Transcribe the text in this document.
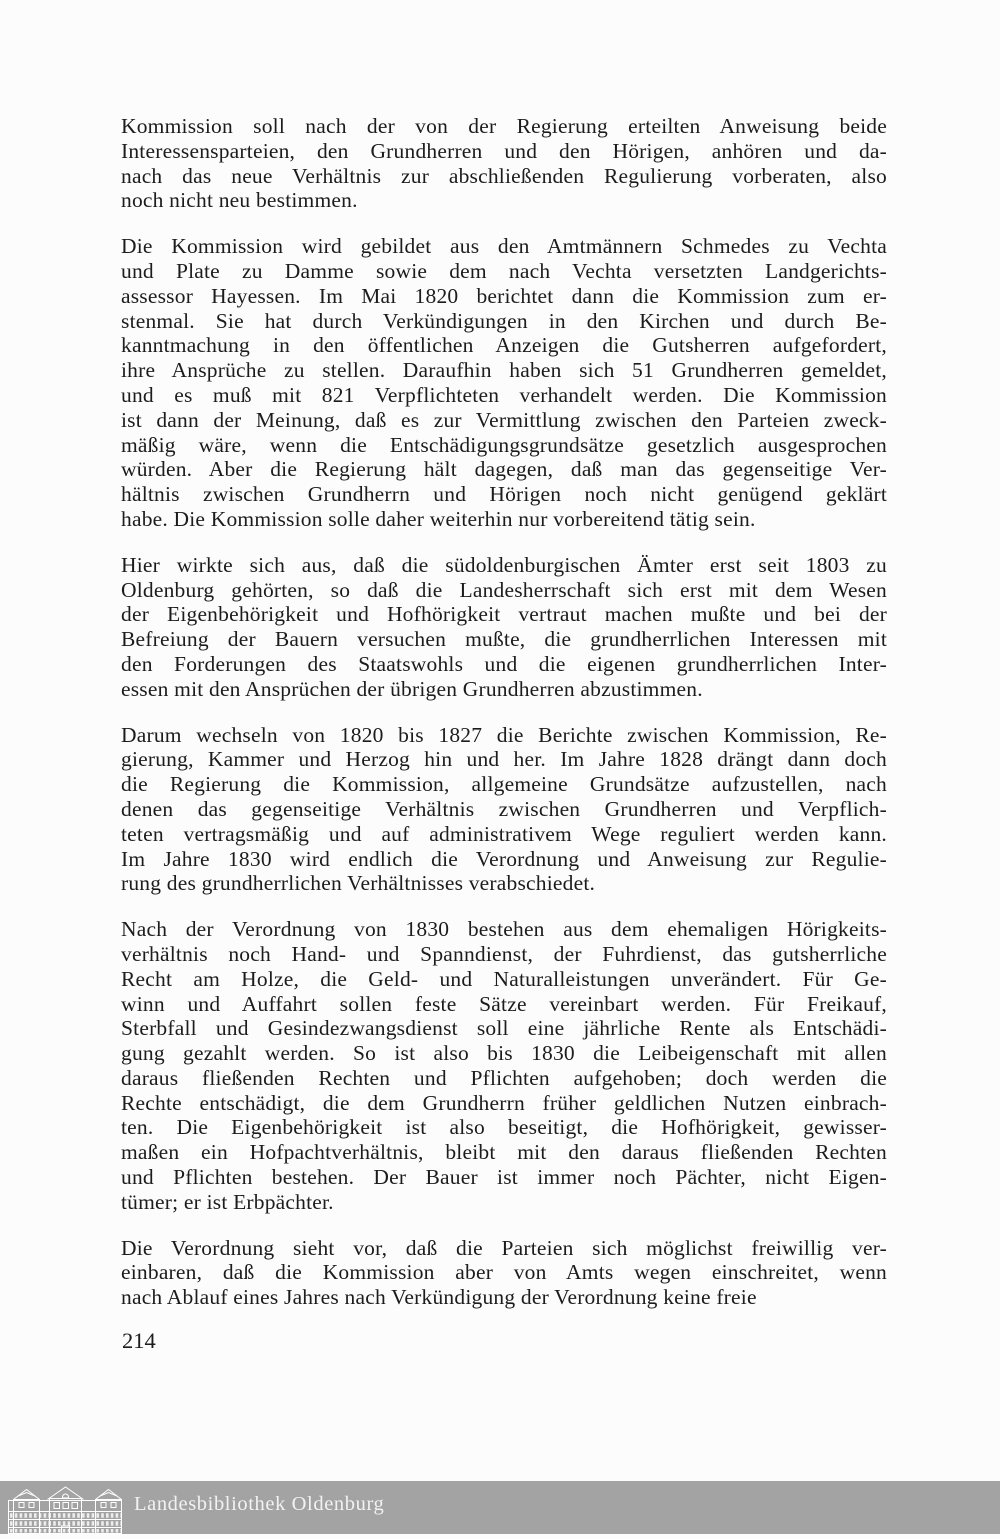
Kommission soll nach der von der Regierung erteilten Anweisung beide
Interessensparteien, den Grundherren und den Hörigen, anhören und da-
nach das neue Verhältnis zur abschließenden Regulierung vorberaten, also
noch nicht neu bestimmen.

Die Kommission wird gebildet aus den Amtmännern Schmedes zu Vechta
und Plate zu Damme sowie dem nach Vechta versetzten Landgerichts-
assessor Hayessen. Im Mai 1820 berichtet dann die Kommission zum er-
stenmal. Sie hat durch Verkündigungen in den Kirchen und durch Be-
kanntmachung in den öffentlichen Anzeigen die Gutsherren aufgefordert,
ihre Ansprüche zu stellen. Daraufhin haben sich 51 Grundherren gemeldet,
und es muß mit 821 Verpflichteten verhandelt werden. Die Kommission
ist dann der Meinung, daß es zur Vermittlung zwischen den Parteien zweck-
mäßig wäre, wenn die Entschädigungsgrundsätze gesetzlich ausgesprochen
würden. Aber die Regierung hält dagegen, daß man das gegenseitige Ver-
hältnis zwischen Grundherrn und Hörigen noch nicht genügend geklärt
habe. Die Kommission solle daher weiterhin nur vorbereitend tätig sein.

Hier wirkte sich aus, daß die südoldenburgischen Ämter erst seit 1803 zu
Oldenburg gehörten, so daß die Landesherrschaft sich erst mit dem Wesen
der Eigenbehörigkeit und Hofhörigkeit vertraut machen mußte und bei der
Befreiung der Bauern versuchen mußte, die grundherrlichen Interessen mit
den Forderungen des Staatswohls und die eigenen grundherrlichen Inter-
essen mit den Ansprüchen der übrigen Grundherren abzustimmen.

Darum wechseln von 1820 bis 1827 die Berichte zwischen Kommission, Re-
gierung, Kammer und Herzog hin und her. Im Jahre 1828 drängt dann doch
die Regierung die Kommission, allgemeine Grundsätze aufzustellen, nach
denen das gegenseitige Verhältnis zwischen Grundherren und Verpflich-
teten vertragsmäßig und auf administrativem Wege reguliert werden kann.
Im Jahre 1830 wird endlich die Verordnung und Anweisung zur Regulie-
rung des grundherrlichen Verhältnisses verabschiedet.

Nach der Verordnung von 1830 bestehen aus dem ehemaligen Hörigkeits-
verhältnis noch Hand- und Spanndienst, der Fuhrdienst, das gutsherrliche
Recht am Holze, die Geld- und Naturalleistungen unverändert. Für Ge-
winn und Auffahrt sollen feste Sätze vereinbart werden. Für Freikauf,
Sterbfall und Gesindezwangsdienst soll eine jährliche Rente als Entschädi-
gung gezahlt werden. So ist also bis 1830 die Leibeigenschaft mit allen
daraus fließenden Rechten und Pflichten aufgehoben; doch werden die
Rechte entschädigt, die dem Grundherrn früher geldlichen Nutzen einbrach-
ten. Die Eigenbehörigkeit ist also beseitigt, die Hofhörigkeit, gewisser-
maßen ein Hofpachtverhältnis, bleibt mit den daraus fließenden Rechten
und Pflichten bestehen. Der Bauer ist immer noch Pächter, nicht Eigen-
tümer; er ist Erbpächter.

Die Verordnung sieht vor, daß die Parteien sich möglichst freiwillig ver-
einbaren, daß die Kommission aber von Amts wegen einschreitet, wenn
nach Ablauf eines Jahres nach Verkündigung der Verordnung keine freie

214
Landesbibliothek Oldenburg
